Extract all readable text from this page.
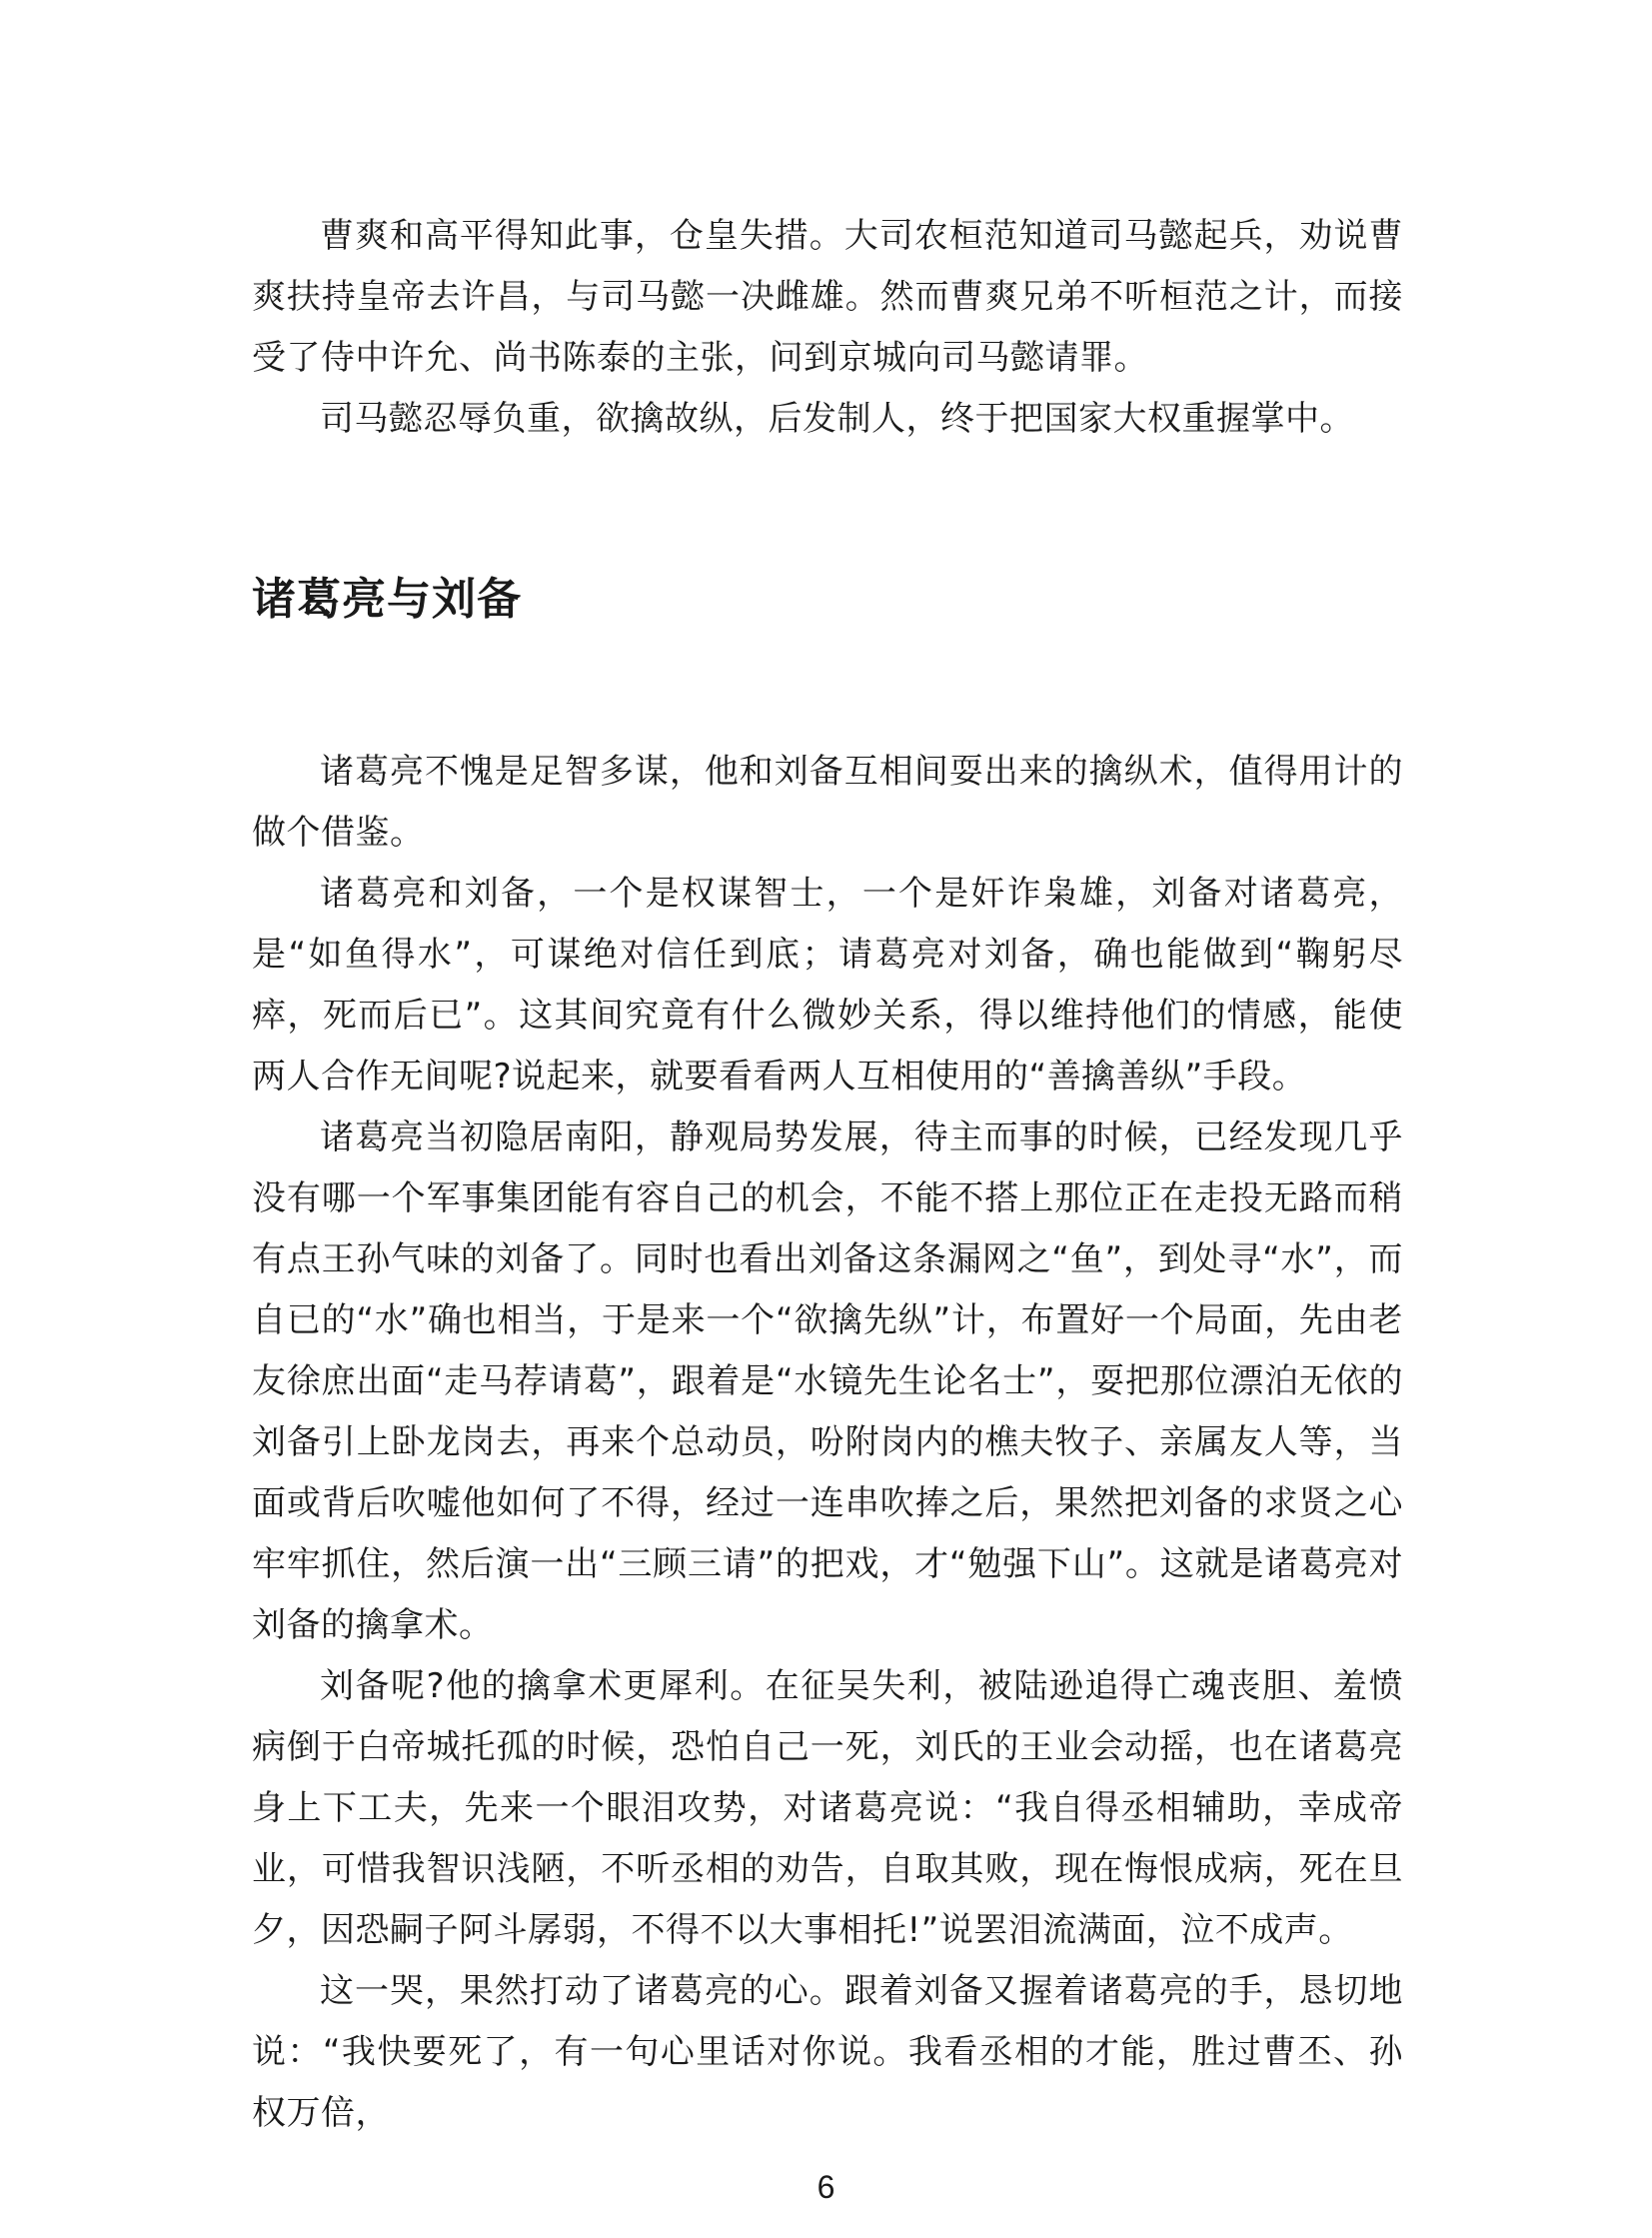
曹爽和高平得知此事，仓皇失措。大司农桓范知道司马懿起兵，劝说曹爽扶持皇帝去许昌，与司马懿一决雌雄。然而曹爽兄弟不听桓范之计，而接受了侍中许允、尚书陈泰的主张，问到京城向司马懿请罪。

司马懿忍辱负重，欲擒故纵，后发制人，终于把国家大权重握掌中。

诸葛亮与刘备

诸葛亮不愧是足智多谋，他和刘备互相间耍出来的擒纵术，值得用计的做个借鉴。

诸葛亮和刘备，一个是权谋智士，一个是奸诈枭雄，刘备对诸葛亮，是“如鱼得水”，可谋绝对信任到底；请葛亮对刘备，确也能做到“鞠躬尽瘁，死而后已”。这其间究竟有什么微妙关系，得以维持他们的情感，能使两人合作无间呢?说起来，就要看看两人互相使用的“善擒善纵”手段。

诸葛亮当初隐居南阳，静观局势发展，待主而事的时候，已经发现几乎没有哪一个军事集团能有容自己的机会，不能不搭上那位正在走投无路而稍有点王孙气味的刘备了。同时也看出刘备这条漏网之“鱼”，到处寻“水”，而自已的“水”确也相当，于是来一个“欲擒先纵”计，布置好一个局面，先由老友徐庶出面“走马荐请葛”，跟着是“水镜先生论名士”，耍把那位漂泊无依的刘备引上卧龙岗去，再来个总动员，吩附岗内的樵夫牧子、亲属友人等，当面或背后吹嘘他如何了不得，经过一连串吹捧之后，果然把刘备的求贤之心牢牢抓住，然后演一出“三顾三请”的把戏，才“勉强下山”。这就是诸葛亮对刘备的擒拿术。

刘备呢?他的擒拿术更犀利。在征吴失利，被陆逊追得亡魂丧胆、羞愤病倒于白帝城托孤的时候，恐怕自己一死，刘氏的王业会动摇，也在诸葛亮身上下工夫，先来一个眼泪攻势，对诸葛亮说：“我自得丞相辅助，幸成帝业，可惜我智识浅陋，不听丞相的劝告，自取其败，现在悔恨成病，死在旦夕，因恐嗣子阿斗孱弱，不得不以大事相托!”说罢泪流满面，泣不成声。

这一哭，果然打动了诸葛亮的心。跟着刘备又握着诸葛亮的手，恳切地说：“我快要死了，有一句心里话对你说。我看丞相的才能，胜过曹丕、孙权万倍，

6
